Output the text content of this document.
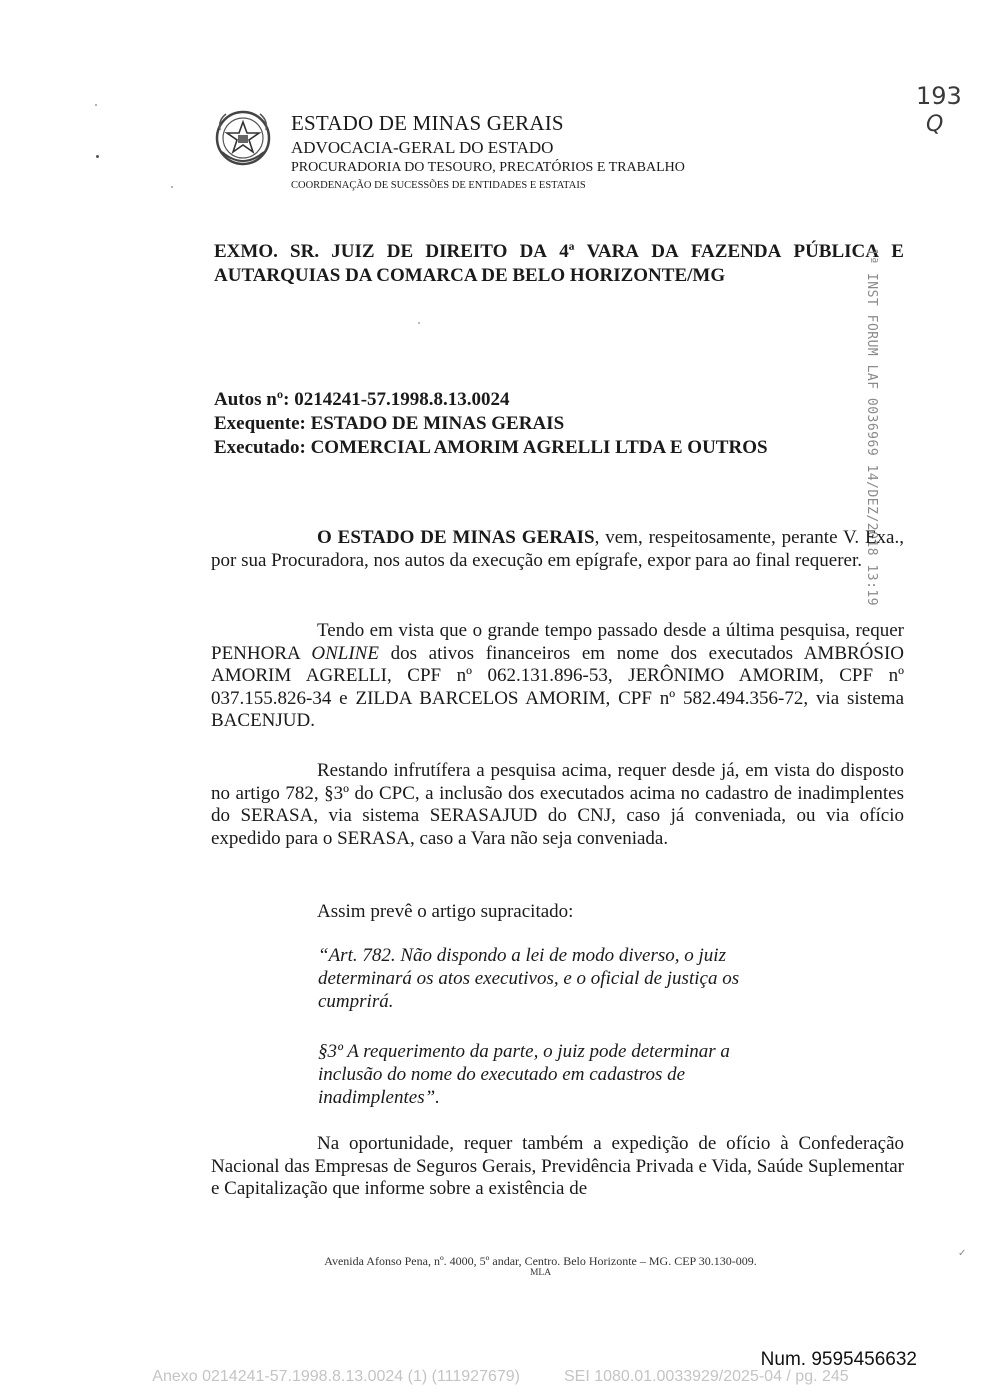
ESTADO DE MINAS GERAIS
ADVOCACIA-GERAL DO ESTADO
PROCURADORIA DO TESOURO, PRECATÓRIOS E TRABALHO
COORDENAÇÃO DE SUCESSÕES DE ENTIDADES E ESTATAIS
193
Q
EXMO. SR. JUIZ DE DIREITO DA 4ª VARA DA FAZENDA PÚBLICA E
AUTARQUIAS DA COMARCA DE BELO HORIZONTE/MG	1ª INST FORUM LAF 0036969 14/DEZ/2018 13:19
Autos nº: 0214241-57.1998.8.13.0024
Exequente: ESTADO DE MINAS GERAIS
Executado: COMERCIAL AMORIM AGRELLI LTDA E OUTROS
O ESTADO DE MINAS GERAIS, vem, respeitosamente, perante V. Exa., por sua Procuradora, nos autos da execução em epígrafe, expor para ao final requerer.
Tendo em vista que o grande tempo passado desde a última pesquisa, requer PENHORA ONLINE dos ativos financeiros em nome dos executados AMBRÓSIO AMORIM AGRELLI, CPF nº 062.131.896-53, JERÔNIMO AMORIM, CPF nº 037.155.826-34 e ZILDA BARCELOS AMORIM, CPF nº 582.494.356-72, via sistema BACENJUD.
Restando infrutífera a pesquisa acima, requer desde já, em vista do disposto no artigo 782, §3º do CPC, a inclusão dos executados acima no cadastro de inadimplentes do SERASA, via sistema SERASAJUD do CNJ, caso já conveniada, ou via ofício expedido para o SERASA, caso a Vara não seja conveniada.
Assim prevê o artigo supracitado:
“Art. 782. Não dispondo a lei de modo diverso, o juiz determinará os atos executivos, e o oficial de justiça os cumprirá.
§3º A requerimento da parte, o juiz pode determinar a inclusão do nome do executado em cadastros de inadimplentes”.
Na oportunidade, requer também a expedição de ofício à Confederação Nacional das Empresas de Seguros Gerais, Previdência Privada e Vida, Saúde Suplementar e Capitalização que informe sobre a existência de
Avenida Afonso Pena, nº. 4000, 5º andar, Centro. Belo Horizonte – MG. CEP 30.130-009.
MLA
✓
Num. 9595456632
Anexo 0214241-57.1998.8.13.0024 (1) (111927679)	SEI 1080.01.0033929/2025-04 / pg. 245
